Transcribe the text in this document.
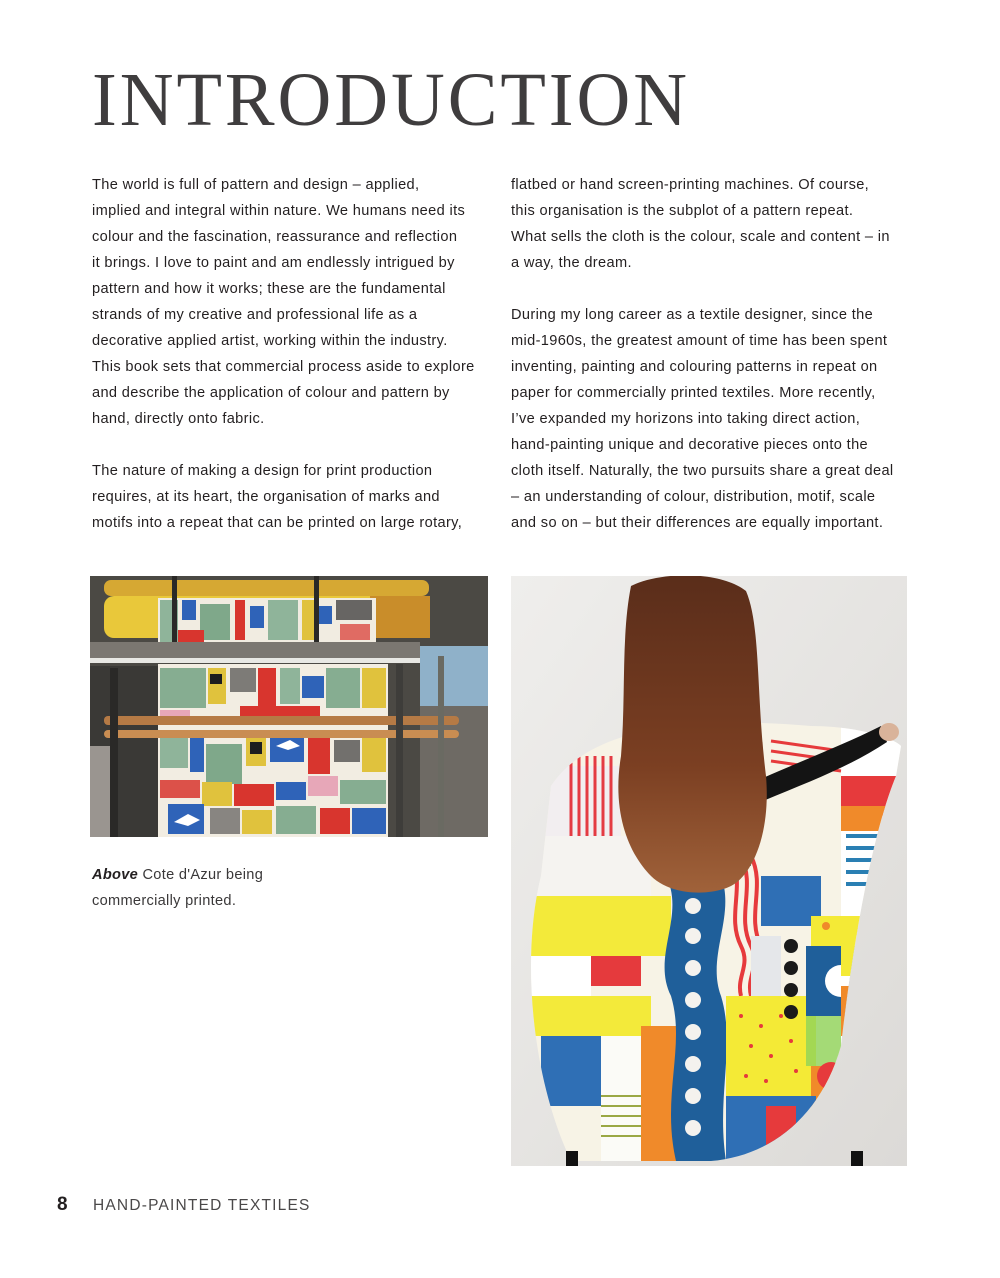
INTRODUCTION

The world is full of pattern and design – applied,
implied and integral within nature. We humans need its
colour and the fascination, reassurance and reflection
it brings. I love to paint and am endlessly intrigued by
pattern and how it works; these are the fundamental
strands of my creative and professional life as a
decorative applied artist, working within the industry.
This book sets that commercial process aside to explore
and describe the application of colour and pattern by
hand, directly onto fabric.

The nature of making a design for print production
requires, at its heart, the organisation of marks and
motifs into a repeat that can be printed on large rotary,

flatbed or hand screen-printing machines. Of course,
this organisation is the subplot of a pattern repeat.
What sells the cloth is the colour, scale and content – in
a way, the dream.

During my long career as a textile designer, since the
mid-1960s, the greatest amount of time has been spent
inventing, painting and colouring patterns in repeat on
paper for commercially printed textiles. More recently,
I’ve expanded my horizons into taking direct action,
hand-painting unique and decorative pieces onto the
cloth itself. Naturally, the two pursuits share a great deal
– an understanding of colour, distribution, motif, scale
and so on – but their differences are equally important.

Above Cote d'Azur being
commercially printed.
8	HAND-PAINTED TEXTILES
